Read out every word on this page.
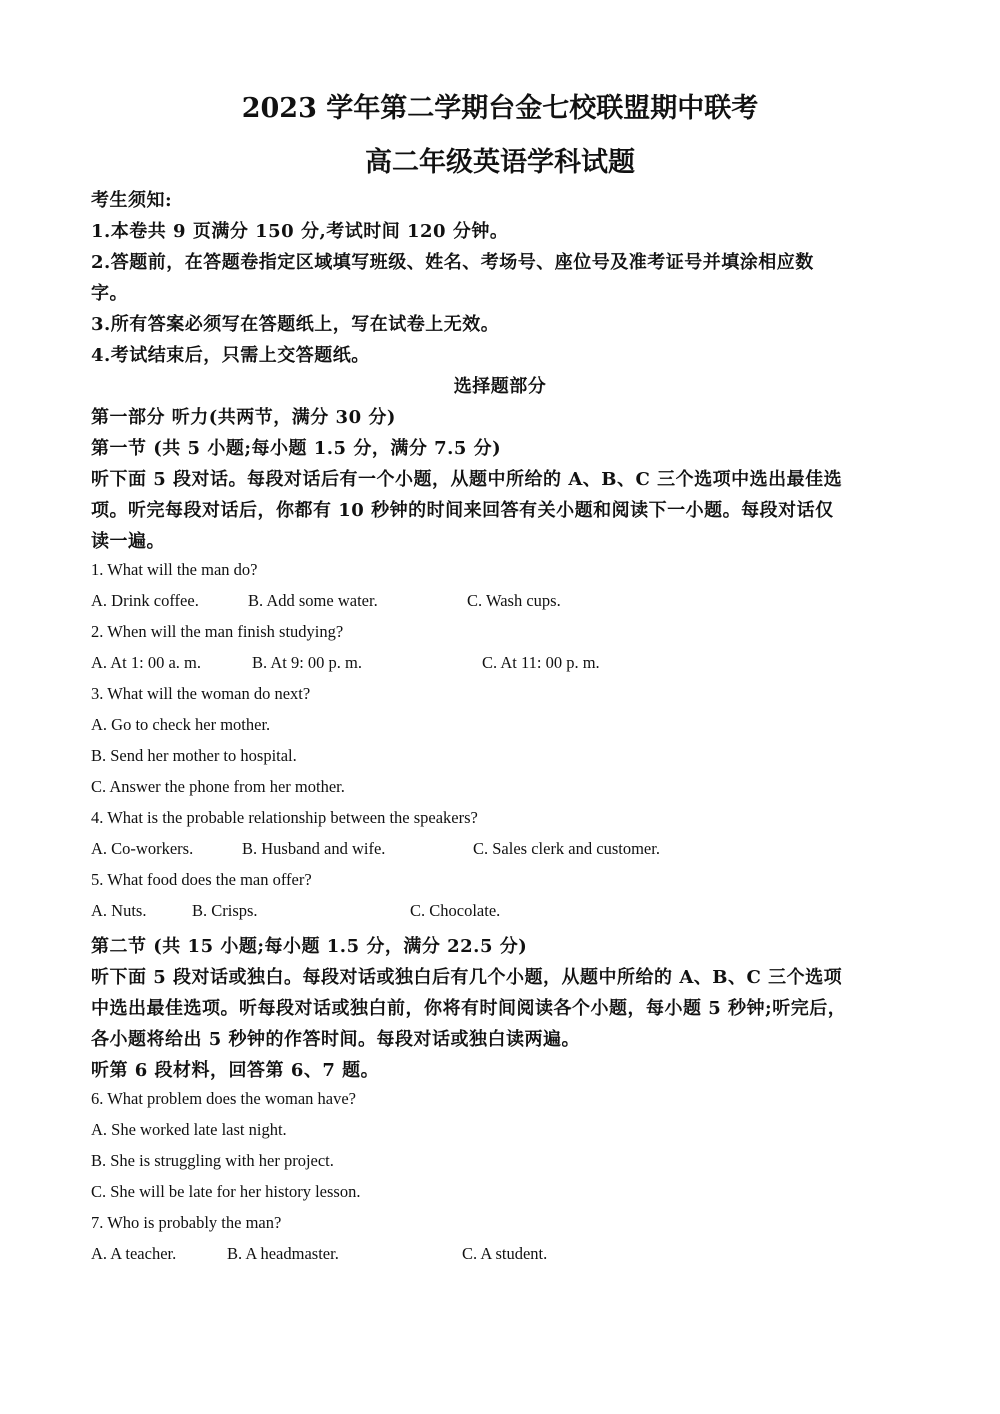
2023 学年第二学期台金七校联盟期中联考
高二年级英语学科试题
考生须知:
1.本卷共 9 页满分 150 分,考试时间 120 分钟。
2.答题前，在答题卷指定区域填写班级、姓名、考场号、座位号及准考证号并填涂相应数
字。
3.所有答案必须写在答题纸上，写在试卷上无效。
4.考试结束后，只需上交答题纸。
选择题部分
第一部分 听力(共两节，满分 30 分)
第一节 (共 5 小题;每小题 1.5 分，满分 7.5 分)
听下面 5 段对话。每段对话后有一个小题，从题中所给的 A、B、C 三个选项中选出最佳选
项。听完每段对话后，你都有 10 秒钟的时间来回答有关小题和阅读下一小题。每段对话仅
读一遍。
1. What will the man do?
A. Drink coffee.	B. Add some water.	C. Wash cups.
2. When will the man finish studying?
A. At 1: 00 a. m.	B. At 9: 00 p. m.	C. At 11: 00 p. m.
3. What will the woman do next?
A. Go to check her mother.
B. Send her mother to hospital.
C. Answer the phone from her mother.
4. What is the probable relationship between the speakers?
A. Co-workers.	B. Husband and wife.	C. Sales clerk and customer.
5. What food does the man offer?
A. Nuts.	B. Crisps.	C. Chocolate.
第二节 (共 15 小题;每小题 1.5 分，满分 22.5 分)
听下面 5 段对话或独白。每段对话或独白后有几个小题，从题中所给的 A、B、C 三个选项
中选出最佳选项。听每段对话或独白前，你将有时间阅读各个小题，每小题 5 秒钟;听完后，
各小题将给出 5 秒钟的作答时间。每段对话或独白读两遍。
听第 6 段材料，回答第 6、7 题。
6. What problem does the woman have?
A. She worked late last night.
B. She is struggling with her project.
C. She will be late for her history lesson.
7. Who is probably the man?
A. A teacher.	B. A headmaster.	C. A student.
